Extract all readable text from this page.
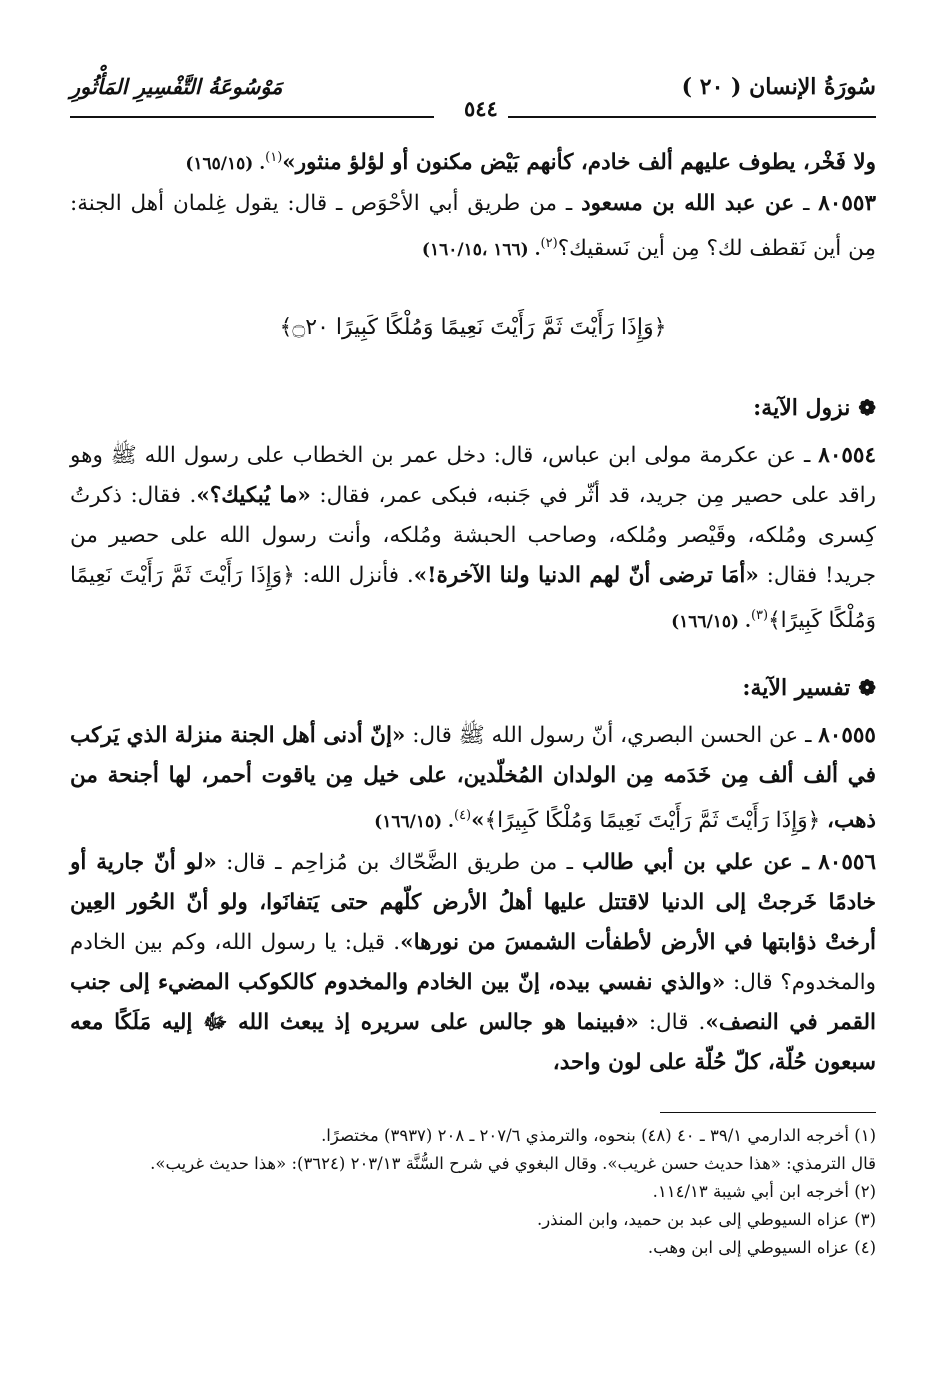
سُورَةُ الإنسان ( ٢٠ )
٥٤٤
مَوْسُوعَةُ التَّفْسِيرِ المَأْثُورِ

ولا فَخْر، يطوف عليهم ألف خادم، كأنهم بَيْض مكنون أو لؤلؤ منثور»$^{(١)}$. (١٦٥/١٥)

٨٠٥٥٣ ـ عن عبد الله بن مسعود ـ من طريق أبي الأحْوَص ـ قال: يقول غِلمان أهل الجنة: مِن أين نَقطف لك؟ مِن أين نَسقيك؟$^{(٢)}$. (١٦٦ ،١٦٠/١٥)

﴿وَإِذَا رَأَيْتَ ثَمَّ رَأَيْتَ نَعِيمًا وَمُلْكًا كَبِيرًا ۝٢٠﴾
❁نزول الآية:

٨٠٥٥٤ ـ عن عكرمة مولى ابن عباس، قال: دخل عمر بن الخطاب على رسول الله ﷺ وهو راقد على حصير مِن جريد، قد أثّر في جَنبه، فبكى عمر، فقال: «ما يُبكيك؟». فقال: ذكرتُ كِسرى ومُلكه، وقَيْصر ومُلكه، وصاحب الحبشة ومُلكه، وأنت رسول الله على حصير من جريد! فقال: «أمَا ترضى أنّ لهم الدنيا ولنا الآخرة!». فأنزل الله: ﴿وَإِذَا رَأَيْتَ ثَمَّ رَأَيْتَ نَعِيمًا وَمُلْكًا كَبِيرًا﴾$^{(٣)}$. (١٦٦/١٥)

❁تفسير الآية:

٨٠٥٥٥ ـ عن الحسن البصري، أنّ رسول الله ﷺ قال: «إنّ أدنى أهل الجنة منزلة الذي يَركب في ألف ألف مِن خَدَمه مِن الولدان المُخلّدين، على خيل مِن ياقوت أحمر، لها أجنحة من ذهب، ﴿وَإِذَا رَأَيْتَ ثَمَّ رَأَيْتَ نَعِيمًا وَمُلْكًا كَبِيرًا﴾»$^{(٤)}$. (١٦٦/١٥)

٨٠٥٥٦ ـ عن علي بن أبي طالب ـ من طريق الضَّحّاك بن مُزاحِم ـ قال: «لو أنّ جارية أو خادمًا خَرجتْ إلى الدنيا لاقتتل عليها أهلُ الأرض كلّهم حتى يَتفانَوا، ولو أنّ الحُور العِين أرختْ ذؤابتها في الأرض لأطفأت الشمسَ من نورها». قيل: يا رسول الله، وكم بين الخادم والمخدوم؟ قال: «والذي نفسي بيده، إنّ بين الخادم والمخدوم كالكوكب المضيء إلى جنب القمر في النصف». قال: «فبينما هو جالس على سريره إذ يبعث الله ﷻ إليه مَلَكًا معه سبعون حُلّة، كلّ حُلّة على لون واحد،

(١) أخرجه الدارمي ٣٩/١ ـ ٤٠ (٤٨) بنحوه، والترمذي ٢٠٧/٦ ـ ٢٠٨ (٣٩٣٧) مختصرًا.

قال الترمذي: «هذا حديث حسن غريب». وقال البغوي في شرح السُّنَّة ٢٠٣/١٣ (٣٦٢٤): «هذا حديث غريب».

(٢) أخرجه ابن أبي شيبة ١١٤/١٣.

(٣) عزاه السيوطي إلى عبد بن حميد، وابن المنذر.

(٤) عزاه السيوطي إلى ابن وهب.
